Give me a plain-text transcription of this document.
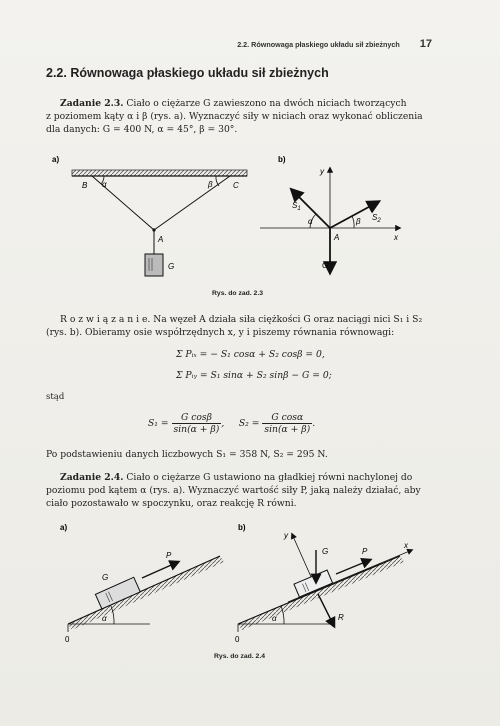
2.2. Równowaga płaskiego układu sił zbieżnych 17
2.2. Równowaga płaskiego układu sił zbieżnych
Zadanie 2.3. Ciało o ciężarze G zawieszono na dwóch niciach tworzących
z poziomem kąty α i β (rys. a). Wyznaczyć siły w niciach oraz wykonać obliczenia
dla danych: G = 400 N, α = 45°, β = 30°.
a)
B α	β	C
A
G
b)
y
x
$S_1$
$S_2$
α	β
A
G
Rys. do zad. 2.3
R o z w i ą z a n i e. Na węzeł A działa siła ciężkości G oraz naciągi nici S₁ i S₂
(rys. b). Obieramy osie współrzędnych x, y i piszemy równania równowagi:
Σ Pᵢₓ = − S₁ cosα + S₂ cosβ = 0,
Σ Pᵢᵧ = S₁ sinα + S₂ sinβ − G = 0;
stąd
$S_1 = \frac{\text{G cosβ}}{\sin(\alpha + \beta)}$ , $S_2 = \frac{\text{G cosα}}{\sin(\alpha + \beta)}$ .
Po podstawieniu danych liczbowych S₁ = 358 N, S₂ = 295 N.
Zadanie 2.4. Ciało o ciężarze G ustawiono na gładkiej równi nachylonej do
poziomu pod kątem α (rys. a). Wyznaczyć wartość siły P, jaką należy działać, aby
ciało pozostawało w spoczynku, oraz reakcję R równi.
a)
G
P
α
0
b)
y
x
G	P
R
α
0
Rys. do zad. 2.4
